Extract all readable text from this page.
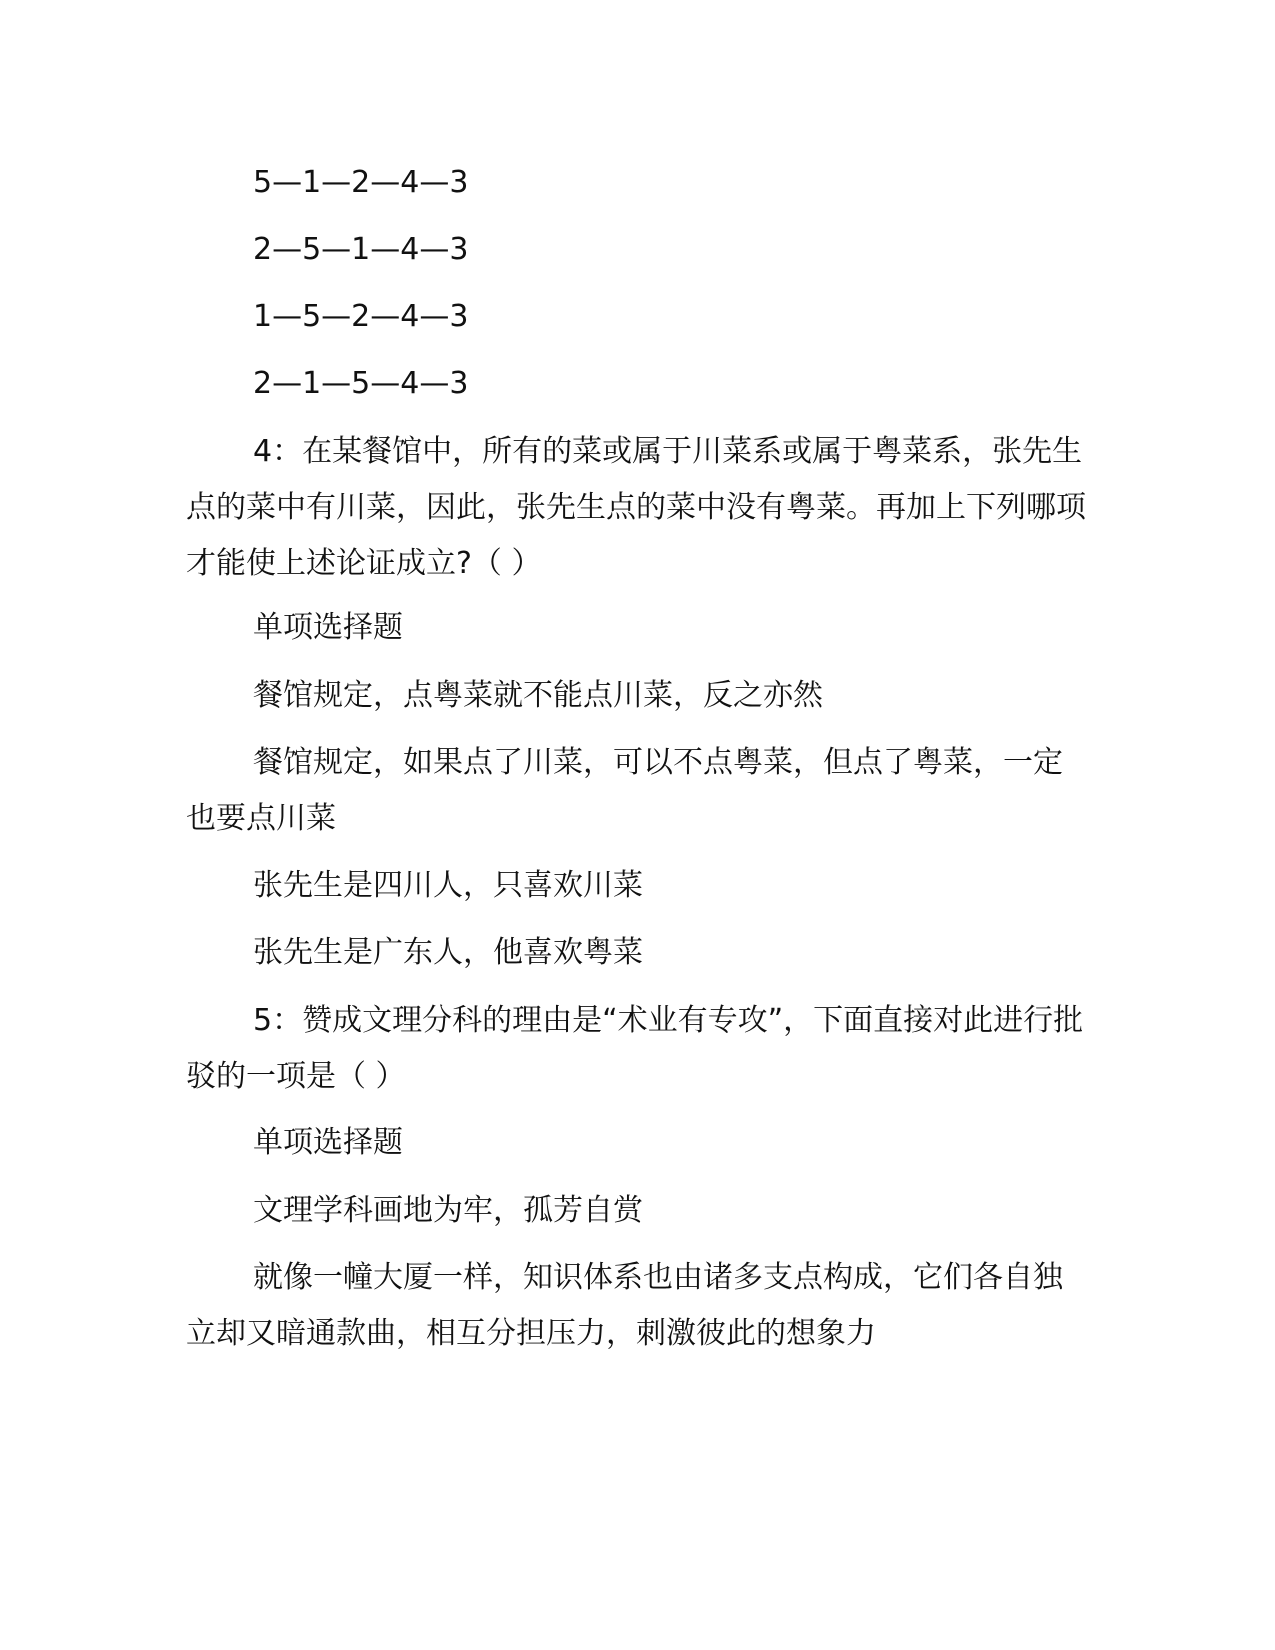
5—1—2—4—3

2—5—1—4—3

1—5—2—4—3

2—1—5—4—3

4：在某餐馆中，所有的菜或属于川菜系或属于粤菜系，张先生点的菜中有川菜，因此，张先生点的菜中没有粤菜。再加上下列哪项才能使上述论证成立?（ ）

单项选择题

餐馆规定，点粤菜就不能点川菜，反之亦然

餐馆规定，如果点了川菜，可以不点粤菜，但点了粤菜，一定也要点川菜

张先生是四川人，只喜欢川菜

张先生是广东人，他喜欢粤菜

5：赞成文理分科的理由是“术业有专攻”，下面直接对此进行批驳的一项是（ ）

单项选择题

文理学科画地为牢，孤芳自赏

就像一幢大厦一样，知识体系也由诸多支点构成，它们各自独立却又暗通款曲，相互分担压力，刺激彼此的想象力
